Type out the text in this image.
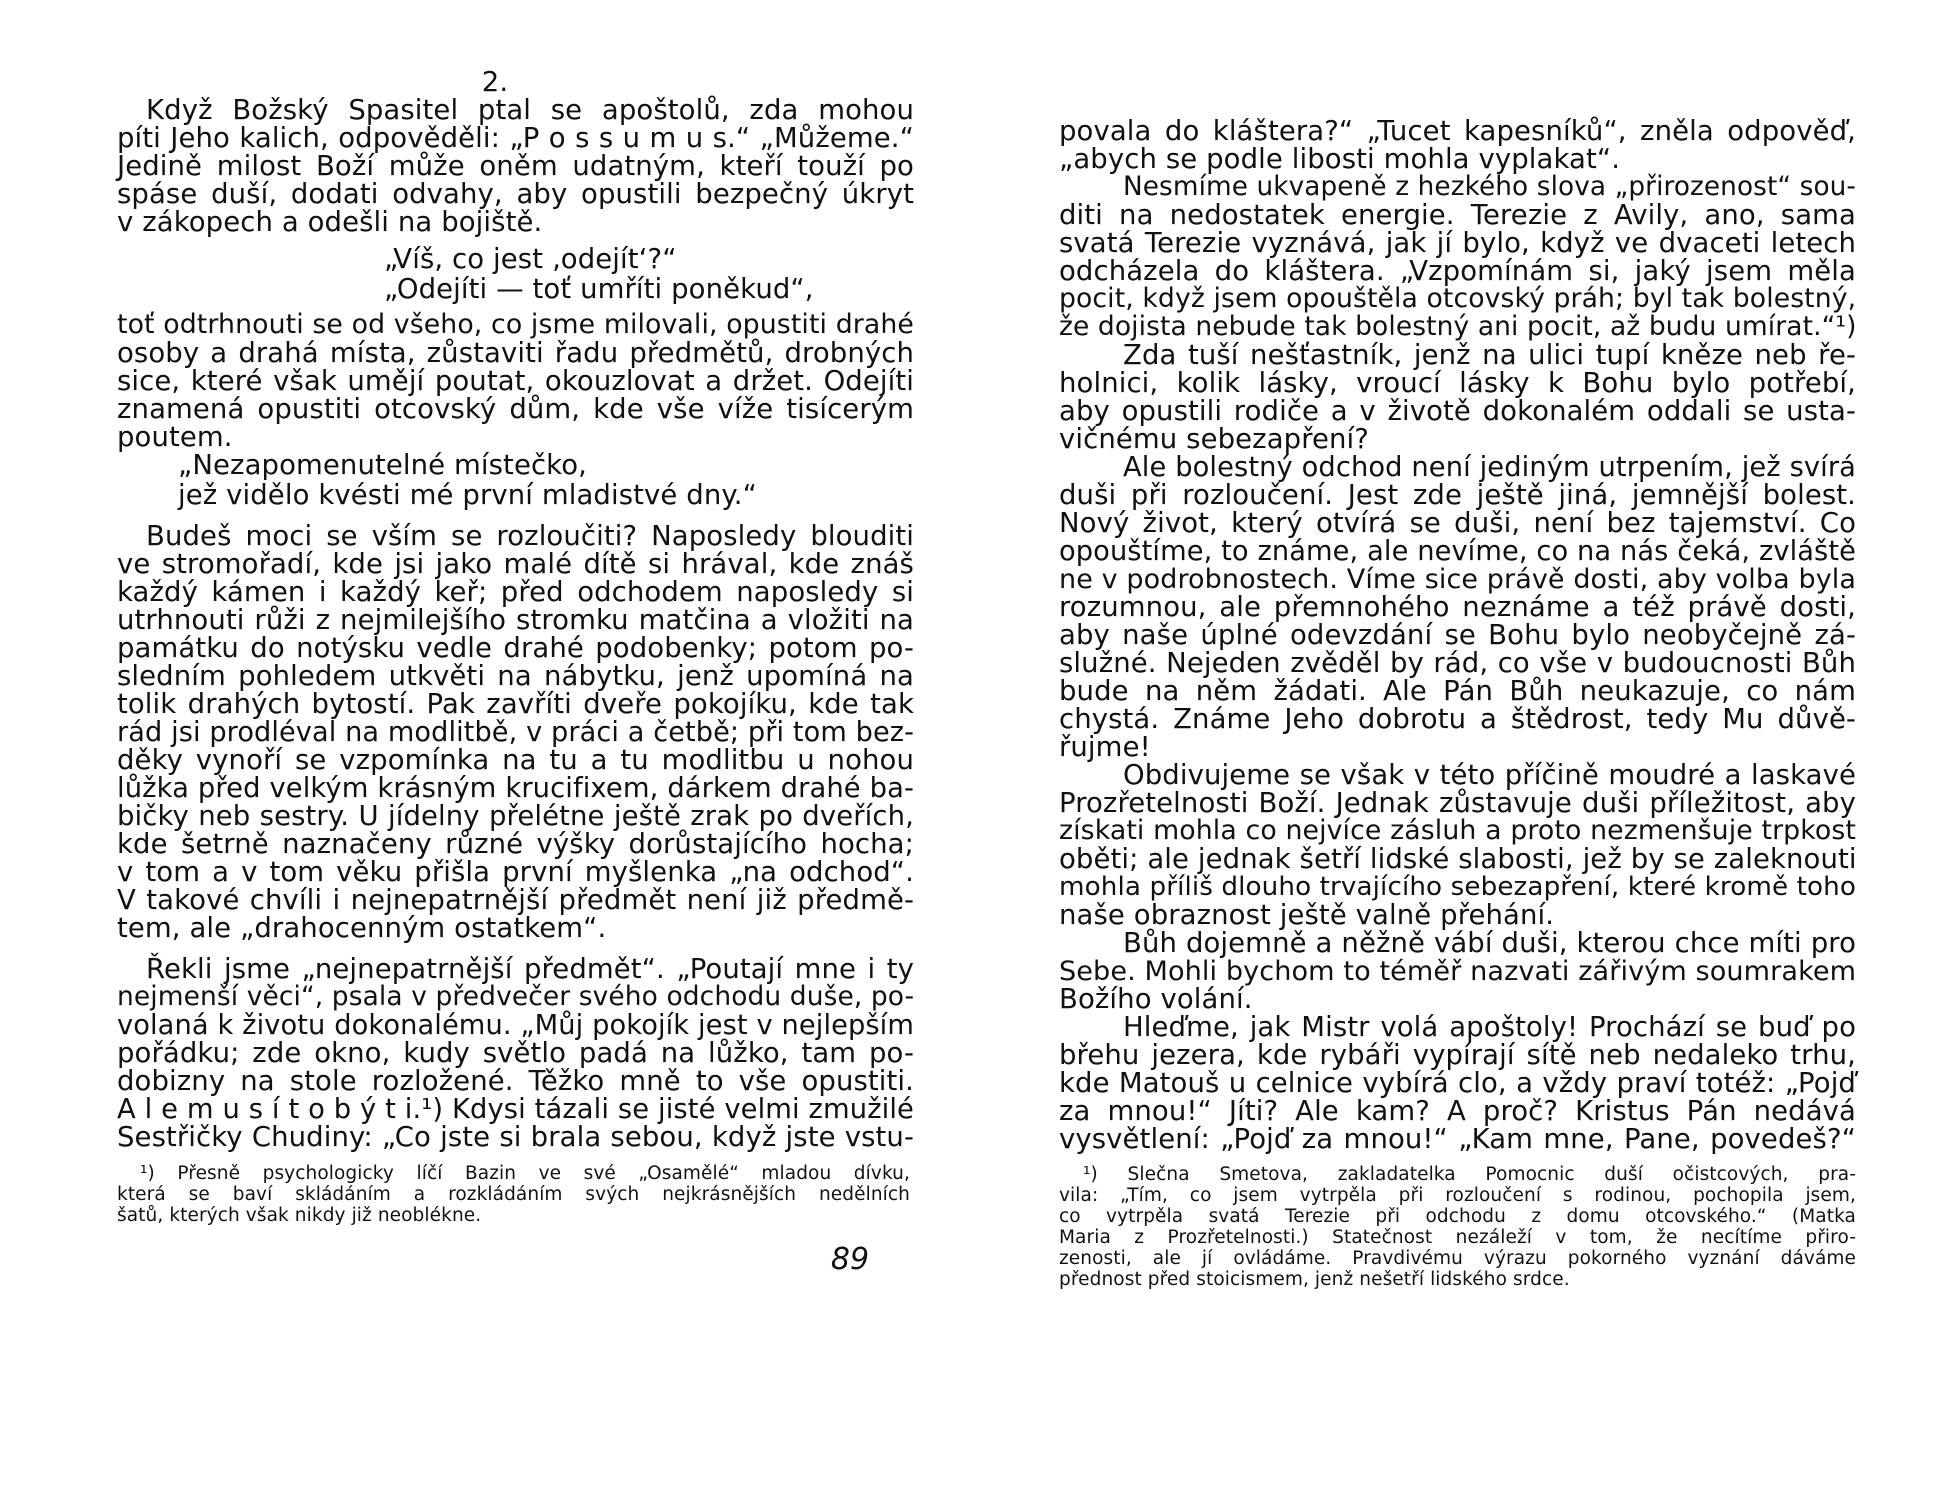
2.
Když Božský Spasitel ptal se apoštolů, zda mohou
píti Jeho kalich, odpověděli: „P o s s u m u s.“ „Můžeme.“
Jedině milost Boží může oněm udatným, kteří touží po
spáse duší, dodati odvahy, aby opustili bezpečný úkryt
v zákopech a odešli na bojiště.
„Víš, co jest ‚odejít‘?“
„Odejíti — toť umříti poněkud“,
toť odtrhnouti se od všeho, co jsme milovali, opustiti drahé
osoby a drahá místa, zůstaviti řadu předmětů, drobných
sice, které však umějí poutat, okouzlovat a držet. Odejíti
znamená opustiti otcovský dům, kde vše víže tisícerým
poutem.
„Nezapomenutelné místečko,
jež vidělo kvésti mé první mladistvé dny.“
Budeš moci se vším se rozloučiti? Naposledy blouditi
ve stromořadí, kde jsi jako malé dítě si hrával, kde znáš
každý kámen i každý keř; před odchodem naposledy si
utrhnouti růži z nejmilejšího stromku matčina a vložiti na
památku do notýsku vedle drahé podobenky; potom po-
sledním pohledem utkvěti na nábytku, jenž upomíná na
tolik drahých bytostí. Pak zavříti dveře pokojíku, kde tak
rád jsi prodléval na modlitbě, v práci a četbě; při tom bez-
děky vynoří se vzpomínka na tu a tu modlitbu u nohou
lůžka před velkým krásným krucifixem, dárkem drahé ba-
bičky neb sestry. U jídelny přelétne ještě zrak po dveřích,
kde šetrně naznačeny různé výšky dorůstajícího hocha;
v tom a v tom věku přišla první myšlenka „na odchod“.
V takové chvíli i nejnepatrnější předmět není již předmě-
tem, ale „drahocenným ostatkem“.
Řekli jsme „nejnepatrnější předmět“. „Poutají mne i ty
nejmenší věci“, psala v předvečer svého odchodu duše, po-
volaná k životu dokonalému. „Můj pokojík jest v nejlepším
pořádku; zde okno, kudy světlo padá na lůžko, tam po-
dobizny na stole rozložené. Těžko mně to vše opustiti.
A l e m u s í t o b ý t i.¹) Kdysi tázali se jisté velmi zmužilé
Sestřičky Chudiny: „Co jste si brala sebou, když jste vstu-
¹) Přesně psychologicky líčí Bazin ve své „Osamělé“ mladou dívku,
která se baví skládáním a rozkládáním svých nejkrásnějších nedělních
šatů, kterých však nikdy již neoblékne.
89
povala do kláštera?“ „Tucet kapesníků“, zněla odpověď,
„abych se podle libosti mohla vyplakat“.
Nesmíme ukvapeně z hezkého slova „přirozenost“ sou-
diti na nedostatek energie. Terezie z Avily, ano, sama
svatá Terezie vyznává, jak jí bylo, když ve dvaceti letech
odcházela do kláštera. „Vzpomínám si, jaký jsem měla
pocit, když jsem opouštěla otcovský práh; byl tak bolestný,
že dojista nebude tak bolestný ani pocit, až budu umírat.“¹)
Zda tuší nešťastník, jenž na ulici tupí kněze neb ře-
holnici, kolik lásky, vroucí lásky k Bohu bylo potřebí,
aby opustili rodiče a v životě dokonalém oddali se usta-
vičnému sebezapření?
Ale bolestný odchod není jediným utrpením, jež svírá
duši při rozloučení. Jest zde ještě jiná, jemnější bolest.
Nový život, který otvírá se duši, není bez tajemství. Co
opouštíme, to známe, ale nevíme, co na nás čeká, zvláště
ne v podrobnostech. Víme sice právě dosti, aby volba byla
rozumnou, ale přemnohého neznáme a též právě dosti,
aby naše úplné odevzdání se Bohu bylo neobyčejně zá-
služné. Nejeden zvěděl by rád, co vše v budoucnosti Bůh
bude na něm žádati. Ale Pán Bůh neukazuje, co nám
chystá. Známe Jeho dobrotu a štědrost, tedy Mu důvě-
řujme!
Obdivujeme se však v této příčině moudré a laskavé
Prozřetelnosti Boží. Jednak zůstavuje duši příležitost, aby
získati mohla co nejvíce zásluh a proto nezmenšuje trpkost
oběti; ale jednak šetří lidské slabosti, jež by se zaleknouti
mohla příliš dlouho trvajícího sebezapření, které kromě toho
naše obraznost ještě valně přehání.
Bůh dojemně a něžně vábí duši, kterou chce míti pro
Sebe. Mohli bychom to téměř nazvati zářivým soumrakem
Božího volání.
Hleďme, jak Mistr volá apoštoly! Prochází se buď po
břehu jezera, kde rybáři vypírají sítě neb nedaleko trhu,
kde Matouš u celnice vybírá clo, a vždy praví totéž: „Pojď
za mnou!“ Jíti? Ale kam? A proč? Kristus Pán nedává
vysvětlení: „Pojď za mnou!“ „Kam mne, Pane, povedeš?“
¹) Slečna Smetova, zakladatelka Pomocnic duší očistcových, pra-
vila: „Tím, co jsem vytrpěla při rozloučení s rodinou, pochopila jsem,
co vytrpěla svatá Terezie při odchodu z domu otcovského.“ (Matka
Maria z Prozřetelnosti.) Statečnost nezáleží v tom, že necítíme přiro-
zenosti, ale jí ovládáme. Pravdivému výrazu pokorného vyznání dáváme
přednost před stoicismem, jenž nešetří lidského srdce.
